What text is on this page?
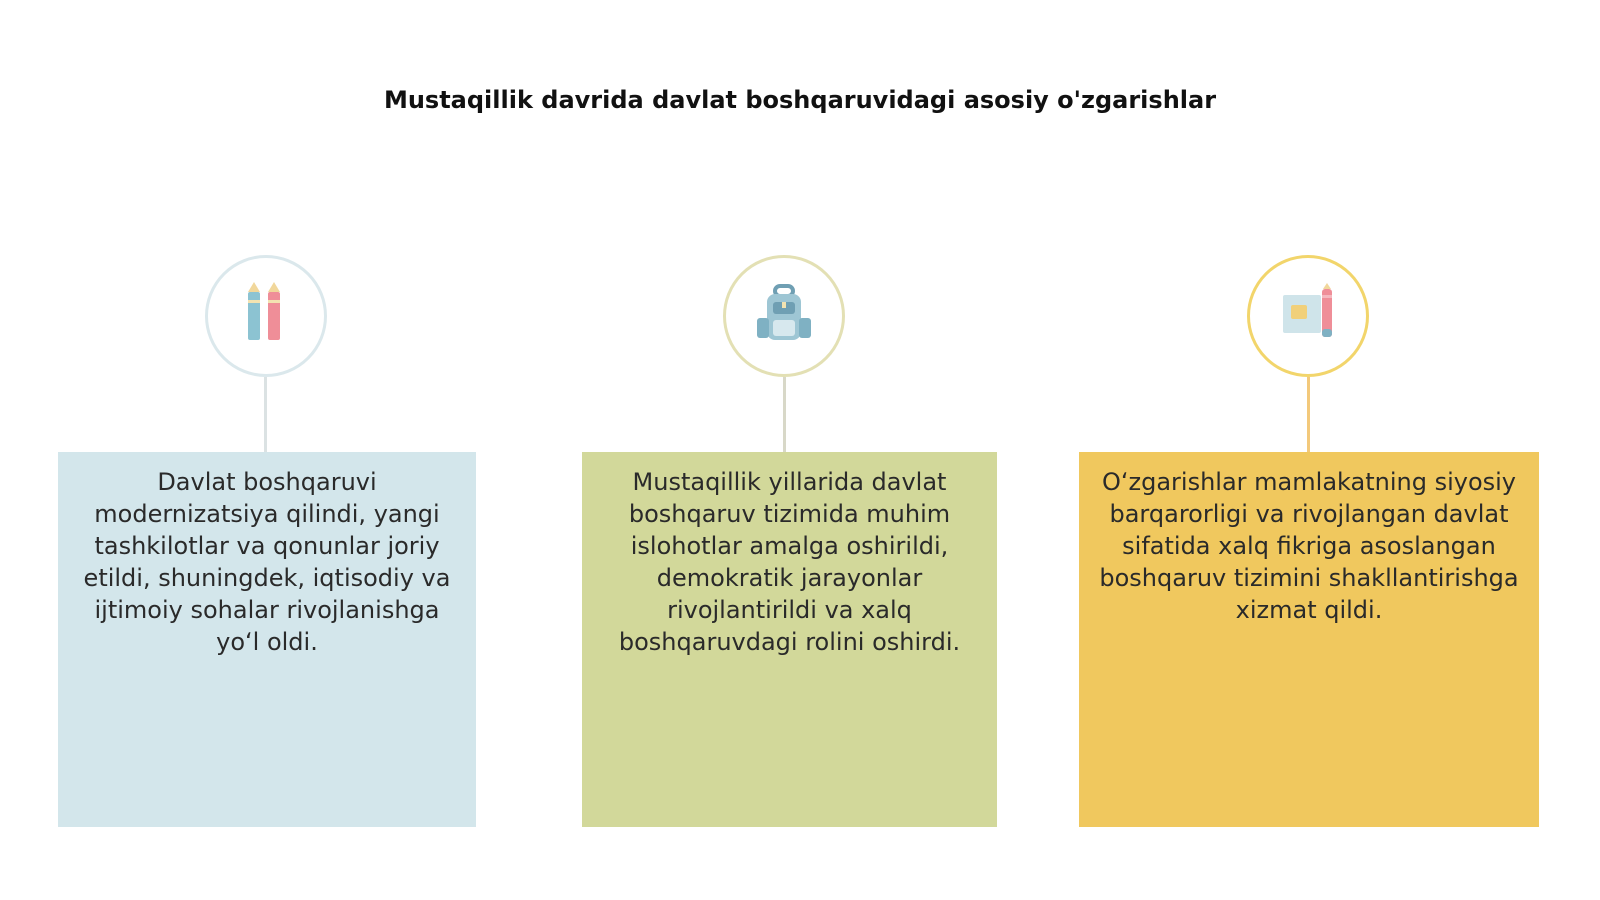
Mustaqillik davrida davlat boshqaruvidagi asosiy o'zgarishlar

Davlat boshqaruvi modernizatsiya qilindi, yangi tashkilotlar va qonunlar joriy etildi, shuningdek, iqtisodiy va ijtimoiy sohalar rivojlanishga yoʻl oldi.

Mustaqillik yillarida davlat boshqaruv tizimida muhim islohotlar amalga oshirildi, demokratik jarayonlar rivojlantirildi va xalq boshqaruvdagi rolini oshirdi.

Oʻzgarishlar mamlakatning siyosiy barqarorligi va rivojlangan davlat sifatida xalq fikriga asoslangan boshqaruv tizimini shakllantirishga xizmat qildi.
